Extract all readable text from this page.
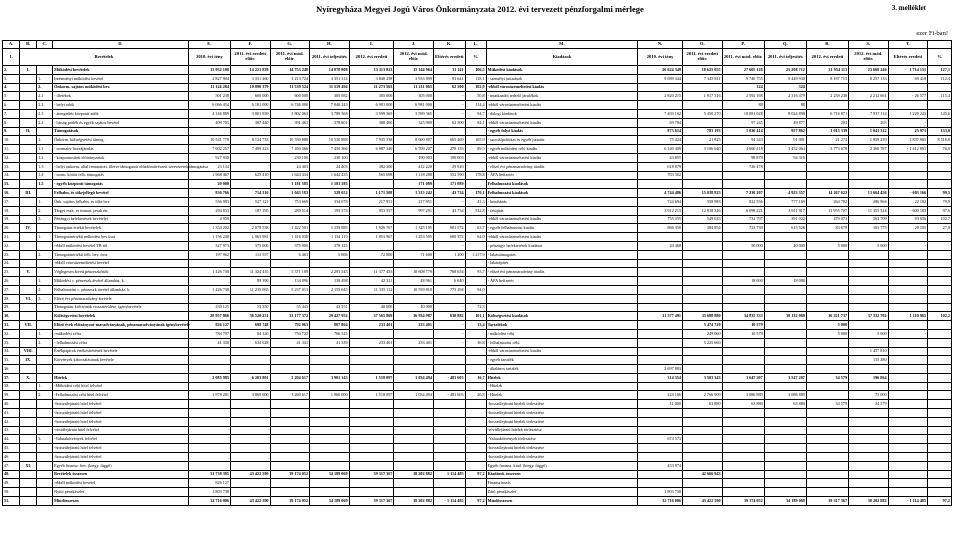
Nyíregyháza Megyei Jogú Város Önkormányzata 2012. évi tervezett pénzforgalmi mérlege	3. melléklet
ezer Ft-ban!
A.	B.	C.	D.	E.	F.	G.	H.	I.	J.	K.	L.	M.	N.	O.	P.	Q.	R.	S.	T.	
1.	Bevételek			2010. évi tény	2011. évi eredeti előir.	2011. évi mód. előir.	2011. évi teljesítés	2012. évi eredeti	2012. évi mód. előir.	Eltérés eredeti	%	Kiadások	2010. évi tény	2011. évi eredeti előir.	2011. évi mód. előir.	2011. évi teljesítés	2012. évi eredeti	2012. évi mód. előir.	Eltérés eredeti	%
2.	I.		Működési bevételek	13 952 188	14 221 839	14 753 248	14 870 808	15 113 823	15 144 964	31 141	106,5	Működési kiadások	26 624 349	18 625 055	27 605 126	25 208 712	21 954 115	23 668 246	1 714 131	127,1
3.		1.	Intézményi működési bevétel	2 827 904	3 331 460	3 213 724	3 351 314	3 840 258	3 933 899	93 641	118,1	- személyi juttatások	9 089 344	7 345 811	9 740 755	9 449 930	8 187 715	8 257 133	69 418	112,4
4.		2.	Önkorm. sajátos működési bev.	11 124 284	10 890 379	11 539 524	11 519 494	11 273 565	11 211 065	62 500	102,9	-ebből városüzemeltetési kiadás			324	324				
5.		2.1	- illetékek	501 238	600 000	600 000	305 082	305 000	305 000	-	50,8	- munkaadót terhelő járulékok	2 820 215	1 917 316	2 592 168	2 316 479	2 239 238	2 212 661	- 26 577	115,4
6.		2.2	- helyi adók	6 066 454	6 181 000	6 746 000	7 046 243	6 981 000	6 981 000	-	114,4	-ebből városüzemeltetési kiadás			88	88				
7.		2.3	- átengedett központi adók	4 146 889	3 801 939	3 802 063	3 789 568	3 599 365	3 599 365	-	94,7	- dologi kiadások	7 403 162	5 450 270	10 081 028	8 024 898	6 716 871	7 937 114	1 220 243	145,6
8.		2.4	- bírság pótlék és egyéb sajátos bevétel	409 703	387 440	391 461	378 601	388 400	325 900	62 500	84,1	-ebből városüzemeltetési kiadás	69 784		97 245	49 877	203	203	-	
9.	II.		Támogatások									- egyéb folyó kiadás	873 614	783 193	1 036 414	957 862	1 015 339	1 041 312	25 973	133,0
10.		1.	Önkorm. költségvetési támog.	10 541 778	8 124 733	10 530 888	10 530 888	7 935 338	8 600 807	665 469	105,9	- szociálpolitikai és egyéb juttatás	75 424	21 825	94 343	91 001	21 274	1 859 239	1 837 965	8 518,8
11.		1.1	- normatív hozzájárulás	7 602 257	7 499 323	7 450 366	7 450 366	6 987 340	6 709 207	278 133	89,5	- egyéb működési célú kiadás	6 140 409	3 106 640	4 060 418	3 452 064	3 773 678	2 360 787	- 1 412 891	76,0
12.		1.2	- központosított előirányzatok	927 930		230 100	230 100		190 003	190 003	-	-ebből városüzemeltetési kiadás	43 855		98 879	94 316				
13.		1.3	- helyi önkorm. által fenntartott, illetve támogatott előadóművészeti szervezetek támogatása	23 134		24 403	24 403	382 300	412 220	29 920		- előző évi pénzmaradvány átadás	618 879		726 478					
14.		1.4	- norm. kötött felh. támogatás	1 968 467	625 410	1 644 434	1 644 435	565 698	1 118 288	552 590	178,8	- ÁFA befizetés	703 302							
15.		1.5	- egyéb központi támogatás	20 000		1 181 585	1 181 585		171 089	171 089		Felhalmozási kiadások								
16.	III.		Felhalm. és tőkejellegű bevétel	836 766	714 316	1 043 183	529 652	1 171 508	1 215 242	43 734	170,1	Felhalmozási kiadások	4 744 486	15 038 825	7 230 207	4 923 357	14 267 622	13 664 456	- 603 166	99,5
17.		1.	Önk. sajátos felhalm. és tőke bev.	536 983	527 121	753 669	334 078	217 951	217 951	-	41,3	- beruházás	724 694	358 983	822 556	777 169	264 782	286 964	22 182	79,9
18.		2.	Tárgyi eszk. és immat. javak ért.	294 833	187 195	289 514	195 574	953 557	997 291	43 734	532,8	- felújítás	3 912 213	12 818 346	6 098 221	3 911 917	11 955 707	11 355 524	- 600 183	97,6
19.		3.	Pénzügyi befektetések bevételei	4 950								-ebből városüzemeltetési kiadás	755 355	549 023	732 797	391 022	470 073	563 709	93 636	102,7
20.	IV.		Támogatás értékű bevételek	1 354 202	2 079 538	1 422 501	1 159 985	1 926 767	1 325 195	601 572	63,7	- egyéb felhalmozási kiadás	866 350	384 854	723 739	615 526	83 670	103 775	20 105	27,0
21.		1.	Támogatásértékű működési bev.össz	1 156 240	1 965 981	1 416 038	1 154 119	1 853 967	1 253 595	600 372	64,0	-ebből városüzemeltetési kiadás								
22.			-ebből működési bevétel TB-től	327 973	375 000	375 000	378 125			-		- pénzügyi befektetések kiadásai	20 460		50 000	40 000	5 000	5 000	-	
23.		2.	Támogatásértékű felh. bev. össz	197 962	113 557	6 463	5 866	72 800	71 600	1 200	1 217,9	- lakástámogatás								
24.			-ebből városüzemeltetési bevétel									- lakásépítés								
25.	V.		Véglegesen átvett pénzeszközök	1 426 738	11 324 455	5 371 109	2 293 543	11 377 433	10 608 779	768 654	93,7	- előző évi pénzmaradvány átadás								
26.		1.	Működési c. pénzeszk.átvétel államház. k.		89 390	134 096	138 498	42 321	48 961	6 640		- ÁFA befizetés			18 000	18 000				
27.		2.	Felhalmozási c. pénzeszk.átvétel államház. k.	1 426 738	11 235 065	5 237 013	2 155 045	11 335 112	10 559 818	775 294	94,0									
28.	VI.	3.	Előző évi pénzmaradvány átvétele																	
29.			Támogatási kölcsönök visszatérülése, igénybevétele	230 125	55 350	55 443	43 551	40 000	40 000	-	72,3									
30.			Költségvetési bevételek	28 957 066	36 520 231	33 177 372	29 427 952	37 565 869	36 934 987	630 882	101,1	Költségvetési kiadások	31 577 491	33 688 880	34 835 333	30 132 069	36 221 737	37 332 702	1 110 965	102,2
31.	VII.		Előző évek előirányzat-maradványának, pénzmaradványának igénybevétele	826 127	698 748	792 063	807 864	233 401	233 401	-	33,4	Tartalékok		5 474 720	10 579		5 000			
32.		1.	-működési célra	784 797	64 120	750 722	766 525			-		- működési célú		249 060	10 579		5 000	5 000	-	
33.		2.	- felhalmozási célra	41 330	634 628	41 341	41 339	233 401	233 401	-	36,8	- felhalmozási célú		5 225 660						
34.	VIII.		Értékpapírok értékesítésének bevétele									-ebből városüzemeltetési kiadás						1 457 810		
35.	IX.		Kötvények kibocsátásának bevétele									- egyéb tartalék						155 280		
36.												- általános tartalék	2 697 883							
37.	X.		Hitelek	2 085 985	6 203 801	5 204 617	3 901 143	1 518 097	1 034 494	- 483 603	16,7	Hitelek	314 354	3 503 343	3 647 207	3 547 207	34 579	196 864		
38.		1.	-Működési célú hitel felvétel									- Hitelek								
39.		2.	-Felhalmozási célú hitel felvétel	1 978 281	3 860 000	3 260 617	1 960 000	1 518 097	1 034 494	- 483 603	26,8	- Hitelek	224 166	2 766 909	3 086 889	3 086 889		75 000		
40.			-hosszúlejáratú hitel felvétel									-hosszúlejáratú hitelek törlesztése	11 000	63 880	63 880	63 880	34 579	34 579		
41.			-hosszúlejáratú hitel felvétel									-hosszúlejáratú hitelek törlesztése								
42.			-hosszúlejáratú hitel felvétel									-hosszúlejáratú hitelek törlesztése								
43.			-rövidlejáratú hitel felvétel									-rövidlejáratú hitelek törlesztése								
44.		3.	-Valutakötvények felvétel									-Valutakötvények törlesztése	674 573							
45.			-hosszúlejáratú hitel felvétel									-hosszúlejáratú hitelek törlesztése								
46.			-hosszúlejáratú hitel felvétel									-hosszúlejáratú hitelek törlesztése								
47.	XI.		Egyéb finansz. bev. (kiegy. függő)									Egyéb finansz. kiad. (kiegy. függő)	453 974							
48.			Bevételek összesen	31 738 395	43 422 590	39 174 052	34 189 069	39 317 367	38 202 882	1 114 485	97,2	Kiadások összesen		42 666 943						
49.			-ebből működési bevétel	826 127								Finanszírozás								
50.			Nyitó pénzkészlet	1 803 738								Záró pénzkészlet	1 803 738							
51.			Mindösszesen	32 716 006	43 422 590	39 174 052	34 189 069	39 317 367	38 202 882	- 1 114 485	97,2	Mindösszesen	32 716 006	43 422 590	39 174 052	34 189 069	39 317 367	38 202 882	- 1 114 485	97,2
